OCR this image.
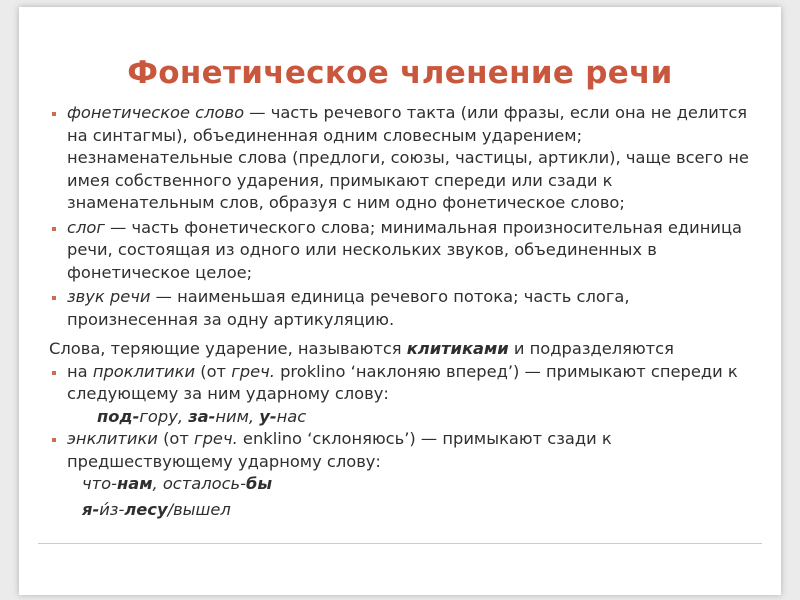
Фонетическое членение речи
фонетическое слово — часть речевого такта (или фразы, если она не делится на синтагмы), объединенная одним словесным ударением; незнаменательные слова (предлоги, союзы, частицы, артикли), чаще всего не имея собственного ударения, примыкают спереди или сзади к знаменательным слов, образуя с ним одно фонетическое слово;
слог — часть фонетического слова; минимальная произносительная единица речи, состоящая из одного или нескольких звуков, объединенных в фонетическое целое;
звук речи — наименьшая единица речевого потока; часть слога, произнесенная за одну артикуляцию.
Слова, теряющие ударение, называются клитиками и подразделяются
на проклитики (от греч. proklino ‘наклоняю вперед’) — примыкают спереди к следующему за ним ударному слову:
под-гору, за-ним, у-нас
энклитики (от греч. enklino ‘склоняюсь’) — примыкают сзади к предшествующему ударному слову:
что-нам, осталось-бы
я-и́з-лесу/вышел
